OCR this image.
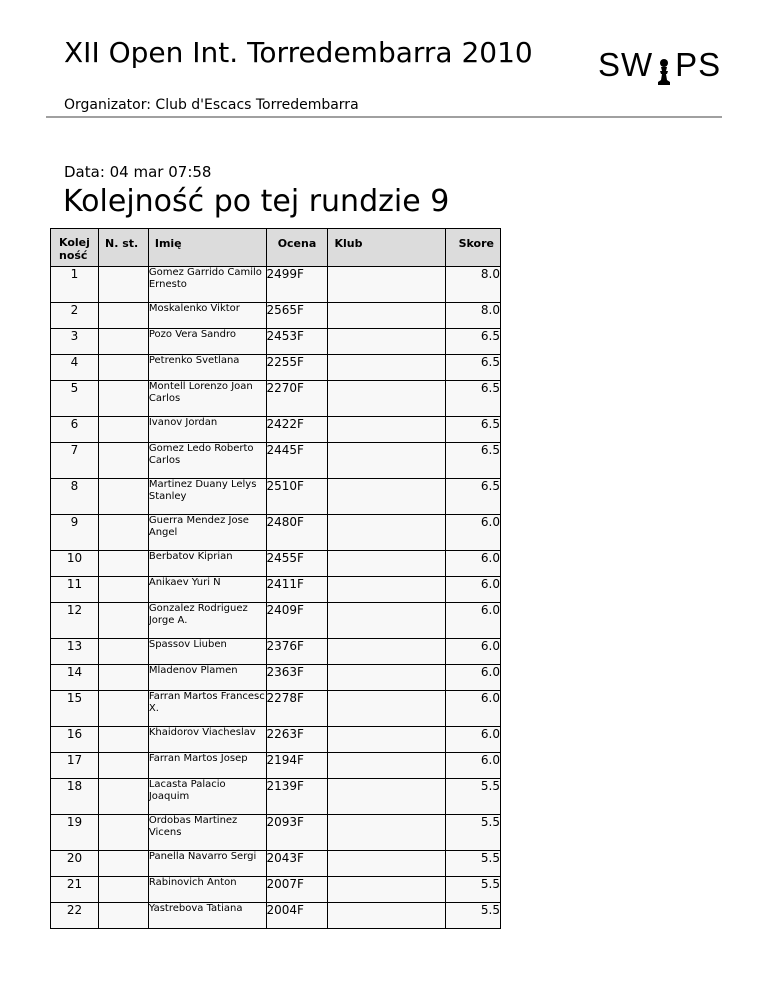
XII Open Int. Torredembarra 2010 SW PS
Organizator: Club d'Escacs Torredembarra
Data: 04 mar 07:58
Kolejność po tej rundzie 9
Kolej
ność	N. st.	Imię	Ocena	Klub	Skore
1		Gomez Garrido Camilo Ernesto	2499F		8.0
2		Moskalenko Viktor	2565F		8.0
3		Pozo Vera Sandro	2453F		6.5
4		Petrenko Svetlana	2255F		6.5
5		Montell Lorenzo Joan Carlos	2270F		6.5
6		Ivanov Jordan	2422F		6.5
7		Gomez Ledo Roberto Carlos	2445F		6.5
8		Martinez Duany Lelys Stanley	2510F		6.5
9		Guerra Mendez Jose Angel	2480F		6.0
10		Berbatov Kiprian	2455F		6.0
11		Anikaev Yuri N	2411F		6.0
12		Gonzalez Rodriguez Jorge A.	2409F		6.0
13		Spassov Liuben	2376F		6.0
14		Mladenov Plamen	2363F		6.0
15		Farran Martos Francesc X.	2278F		6.0
16		Khaidorov Viacheslav	2263F		6.0
17		Farran Martos Josep	2194F		6.0
18		Lacasta Palacio Joaquim	2139F		5.5
19		Ordobas Martinez Vicens	2093F		5.5
20		Panella Navarro Sergi	2043F		5.5
21		Rabinovich Anton	2007F		5.5
22		Yastrebova Tatiana	2004F		5.5
